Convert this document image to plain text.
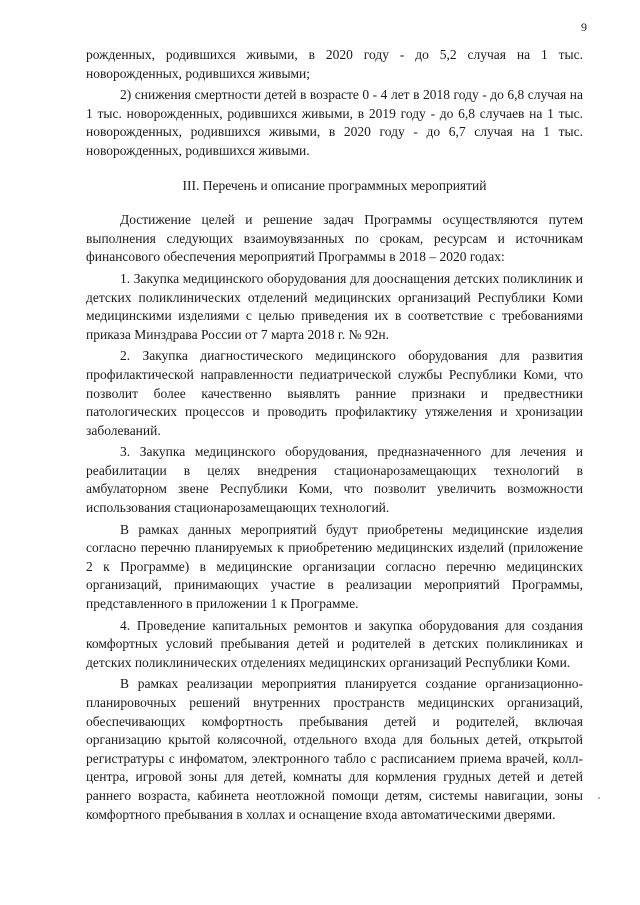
9

рожденных, родившихся живыми, в 2020 году - до 5,2 случая на 1 тыс. новорожденных, родившихся живыми;

2) снижения смертности детей в возрасте 0 - 4 лет в 2018 году - до 6,8 случая на 1 тыс. новорожденных, родившихся живыми, в 2019 году - до 6,8 случаев на 1 тыс. новорожденных, родившихся живыми, в 2020 году - до 6,7 случая на 1 тыс. новорожденных, родившихся живыми.

III. Перечень и описание программных мероприятий

Достижение целей и решение задач Программы осуществляются путем выполнения следующих взаимоувязанных по срокам, ресурсам и источникам финансового обеспечения мероприятий Программы в 2018 – 2020 годах:

1. Закупка медицинского оборудования для дооснащения детских поликлиник и детских поликлинических отделений медицинских организаций Республики Коми медицинскими изделиями с целью приведения их в соответствие с требованиями приказа Минздрава России от 7 марта 2018 г. № 92н.

2. Закупка диагностического медицинского оборудования для развития профилактической направленности педиатрической службы Республики Коми, что позволит более качественно выявлять ранние признаки и предвестники патологических процессов и проводить профилактику утяжеления и хронизации заболеваний.

3. Закупка медицинского оборудования, предназначенного для лечения и реабилитации в целях внедрения стационарозамещающих технологий в амбулаторном звене Республики Коми, что позволит увеличить возможности использования стационарозамещающих технологий.

В рамках данных мероприятий будут приобретены медицинские изделия согласно перечню планируемых к приобретению медицинских изделий (приложение 2 к Программе) в медицинские организации согласно перечню медицинских организаций, принимающих участие в реализации мероприятий Программы, представленного в приложении 1 к Программе.

4. Проведение капитальных ремонтов и закупка оборудования для создания комфортных условий пребывания детей и родителей в детских поликлиниках и детских поликлинических отделениях медицинских организаций Республики Коми.

В рамках реализации мероприятия планируется создание организационно-планировочных решений внутренних пространств медицинских организаций, обеспечивающих комфортность пребывания детей и родителей, включая организацию крытой колясочной, отдельного входа для больных детей, открытой регистратуры с инфоматом, электронного табло с расписанием приема врачей, колл-центра, игровой зоны для детей, комнаты для кормления грудных детей и детей раннего возраста, кабинета неотложной помощи детям, системы навигации, зоны комфортного пребывания в холлах и оснащение входа автоматическими дверями.
